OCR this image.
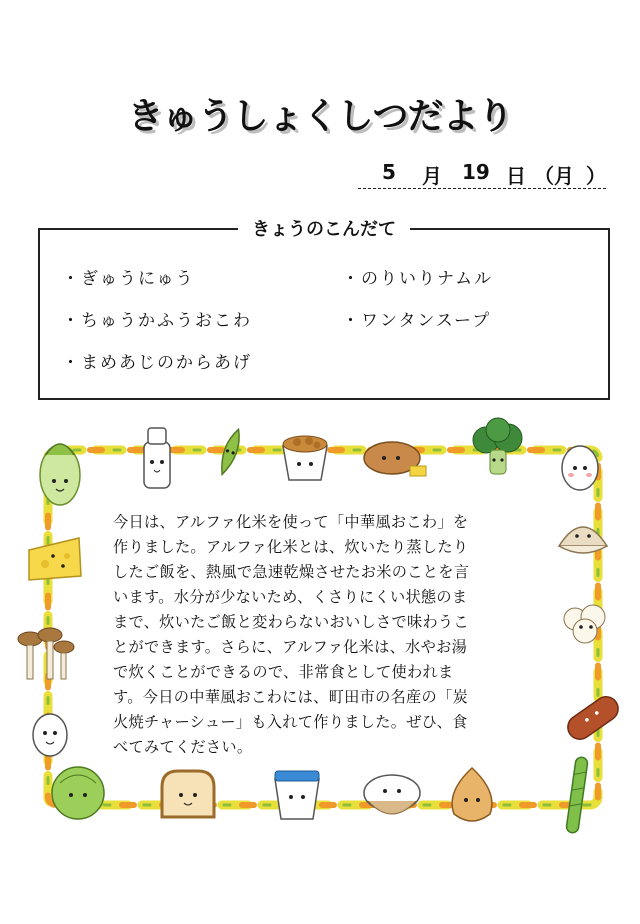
きゅうしょくしつだより
5 月 19 日 （ 月 ）
きょうのこんだて
・ぎゅうにゅう
・ちゅうかふうおこわ
・まめあじのからあげ
・のりいりナムル
・ワンタンスープ

今日は、アルファ化米を使って「中華風おこわ」を

作りました。アルファ化米とは、炊いたり蒸したり

したご飯を、熱風で急速乾燥させたお米のことを言

います。水分が少ないため、くさりにくい状態のま

まで、炊いたご飯と変わらないおいしさで味わうこ

とができます。さらに、アルファ化米は、水やお湯

で炊くことができるので、非常食として使われま

す。今日の中華風おこわには、町田市の名産の「炭

火焼チャーシュー」も入れて作りました。ぜひ、食

べてみてください。
